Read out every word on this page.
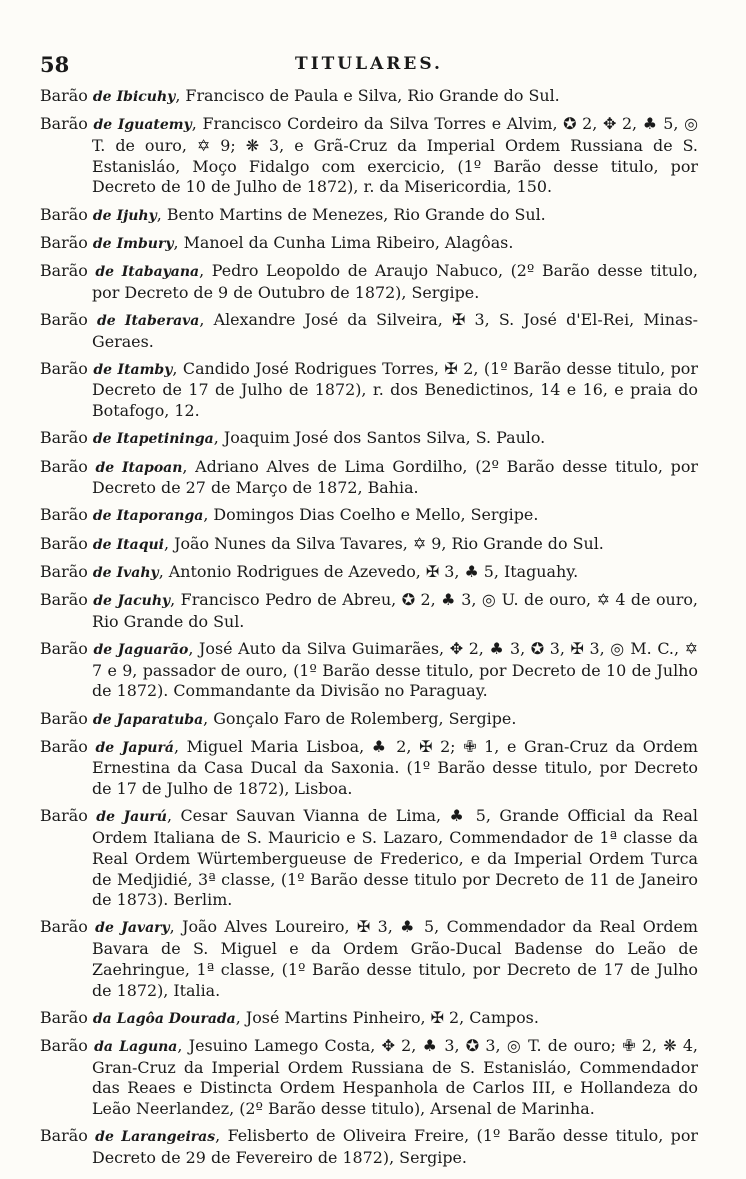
58	TITULARES.

Barão de Ibicuhy, Francisco de Paula e Silva, Rio Grande do Sul.

Barão de Iguatemy, Francisco Cordeiro da Silva Torres e Alvim, ✪ 2, ✥ 2, ♣ 5, ◎ T. de ouro, ✡ 9; ❋ 3, e Grã-Cruz da Imperial Ordem Russiana de S. Estanisláo, Moço Fidalgo com exercicio, (1º Barão desse titulo, por Decreto de 10 de Julho de 1872), r. da Misericordia, 150.

Barão de Ijuhy, Bento Martins de Menezes, Rio Grande do Sul.

Barão de Imbury, Manoel da Cunha Lima Ribeiro, Alagôas.

Barão de Itabayana, Pedro Leopoldo de Araujo Nabuco, (2º Barão desse titulo, por Decreto de 9 de Outubro de 1872), Sergipe.

Barão de Itaberava, Alexandre José da Silveira, ✠ 3, S. José d'El-Rei, Minas-Geraes.

Barão de Itamby, Candido José Rodrigues Torres, ✠ 2, (1º Barão desse titulo, por Decreto de 17 de Julho de 1872), r. dos Benedictinos, 14 e 16, e praia do Botafogo, 12.

Barão de Itapetininga, Joaquim José dos Santos Silva, S. Paulo.

Barão de Itapoan, Adriano Alves de Lima Gordilho, (2º Barão desse titulo, por Decreto de 27 de Março de 1872, Bahia.

Barão de Itaporanga, Domingos Dias Coelho e Mello, Sergipe.

Barão de Itaqui, João Nunes da Silva Tavares, ✡ 9, Rio Grande do Sul.

Barão de Ivahy, Antonio Rodrigues de Azevedo, ✠ 3, ♣ 5, Itaguahy.

Barão de Jacuhy, Francisco Pedro de Abreu, ✪ 2, ♣ 3, ◎ U. de ouro, ✡ 4 de ouro, Rio Grande do Sul.

Barão de Jaguarão, José Auto da Silva Guimarães, ✥ 2, ♣ 3, ✪ 3, ✠ 3, ◎ M. C., ✡ 7 e 9, passador de ouro, (1º Barão desse titulo, por Decreto de 10 de Julho de 1872). Commandante da Divisão no Paraguay.

Barão de Japaratuba, Gonçalo Faro de Rolemberg, Sergipe.

Barão de Japurá, Miguel Maria Lisboa, ♣ 2, ✠ 2; ✙ 1, e Gran-Cruz da Ordem Ernestina da Casa Ducal da Saxonia. (1º Barão desse titulo, por Decreto de 17 de Julho de 1872), Lisboa.

Barão de Jaurú, Cesar Sauvan Vianna de Lima, ♣ 5, Grande Official da Real Ordem Italiana de S. Mauricio e S. Lazaro, Commendador de 1ª classe da Real Ordem Würtembergueuse de Frederico, e da Imperial Ordem Turca de Medjidié, 3ª classe, (1º Barão desse titulo por Decreto de 11 de Janeiro de 1873). Berlim.

Barão de Javary, João Alves Loureiro, ✠ 3, ♣ 5, Commendador da Real Ordem Bavara de S. Miguel e da Ordem Grão-Ducal Badense do Leão de Zaehringue, 1ª classe, (1º Barão desse titulo, por Decreto de 17 de Julho de 1872), Italia.

Barão da Lagôa Dourada, José Martins Pinheiro, ✠ 2, Campos.

Barão da Laguna, Jesuino Lamego Costa, ✥ 2, ♣ 3, ✪ 3, ◎ T. de ouro; ✙ 2, ❋ 4, Gran-Cruz da Imperial Ordem Russiana de S. Estanisláo, Commendador das Reaes e Distincta Ordem Hespanhola de Carlos III, e Hollandeza do Leão Neerlandez, (2º Barão desse titulo), Arsenal de Marinha.

Barão de Larangeiras, Felisberto de Oliveira Freire, (1º Barão desse titulo, por Decreto de 29 de Fevereiro de 1872), Sergipe.
